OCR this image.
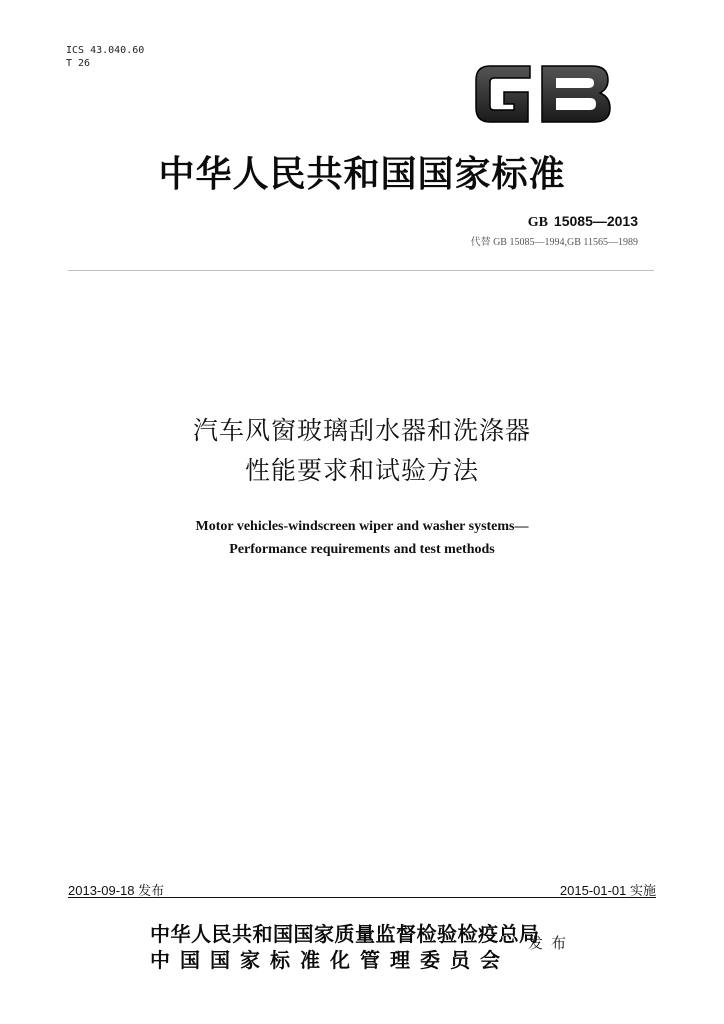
ICS 43.040.60
T 26
中华人民共和国国家标准
GB 15085—2013
代替 GB 15085—1994,GB 11565—1989
汽车风窗玻璃刮水器和洗涤器
性能要求和试验方法
Motor vehicles-windscreen wiper and washer systems—
Performance requirements and test methods
2013-09-18 发布	2015-01-01 实施
中华人民共和国国家质量监督检验检疫总局
中国国家标准化管理委员会
发布
